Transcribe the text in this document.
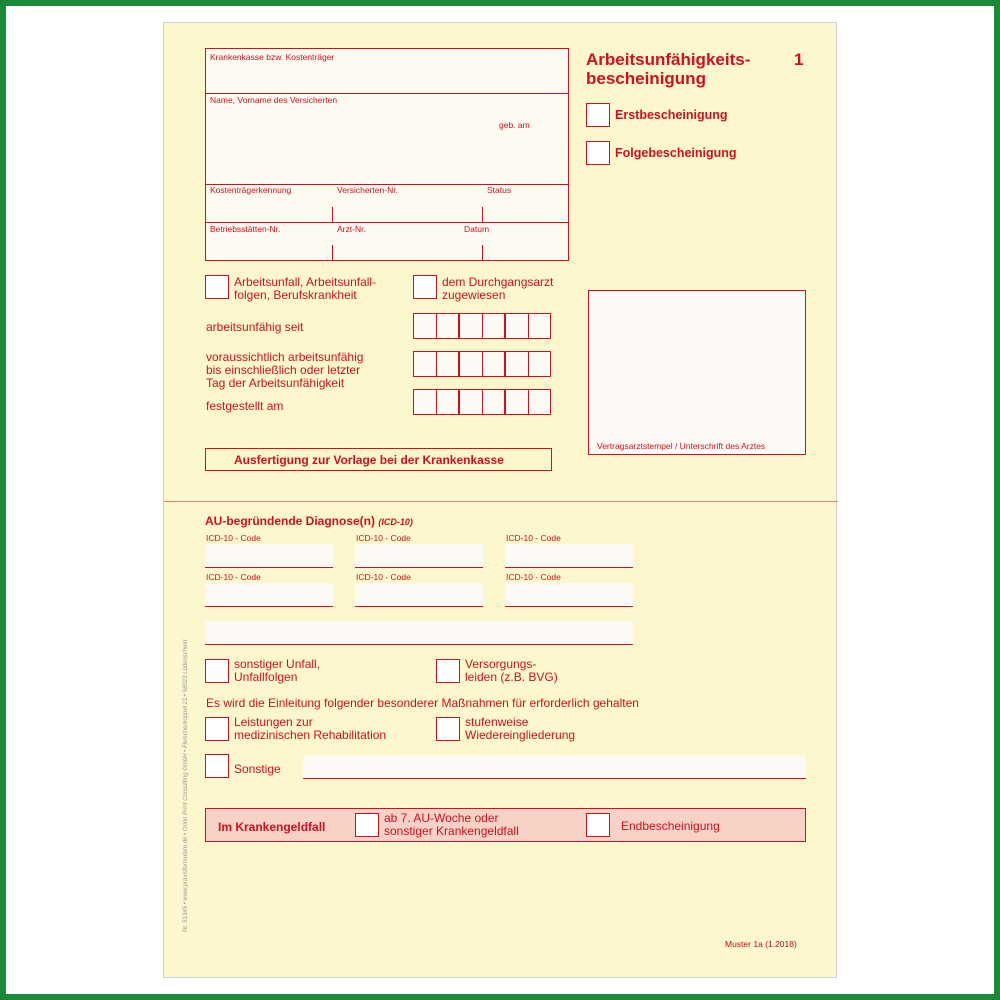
Krankenkasse bzw. Kostenträger
Name, Vorname des Versicherten
geb. am
Kostenträgerkennung	Versicherten-Nr.	Status
Betriebsstätten-Nr.	Arzt-Nr.	Datum
Arbeitsunfähigkeits-
bescheinigung
1
Erstbescheinigung
Folgebescheinigung
Arbeitsunfall, Arbeitsunfall-
folgen, Berufskrankheit
dem Durchgangsarzt
zugewiesen
arbeitsunfähig seit
voraussichtlich arbeitsunfähig
bis einschließlich oder letzter
Tag der Arbeitsunfähigkeit
festgestellt am
Vertragsarztstempel / Unterschrift des Arztes
Ausfertigung zur Vorlage bei der Krankenkasse
AU-begründende Diagnose(n) (ICD-10)
ICD-10 - Code	ICD-10 - Code	ICD-10 - Code
ICD-10 - Code	ICD-10 - Code	ICD-10 - Code
sonstiger Unfall,
Unfallfolgen
Versorgungs-
leiden (z.B. BVG)
Es wird die Einleitung folgender besonderer Maßnahmen für erforderlich gehalten
Leistungen zur
medizinischen Rehabilitation
stufenweise
Wiedereingliederung
Sonstige
Im Krankengeldfall
ab 7. AU-Woche oder
sonstiger Krankengeldfall	Endbescheinigung
Muster 1a (1.2018)
Nr. 51345 • www.praxisformulare.de • Orion Print Consulting GmbH • Fleischerkoppel 21 • 58023 Lüdenscheid
